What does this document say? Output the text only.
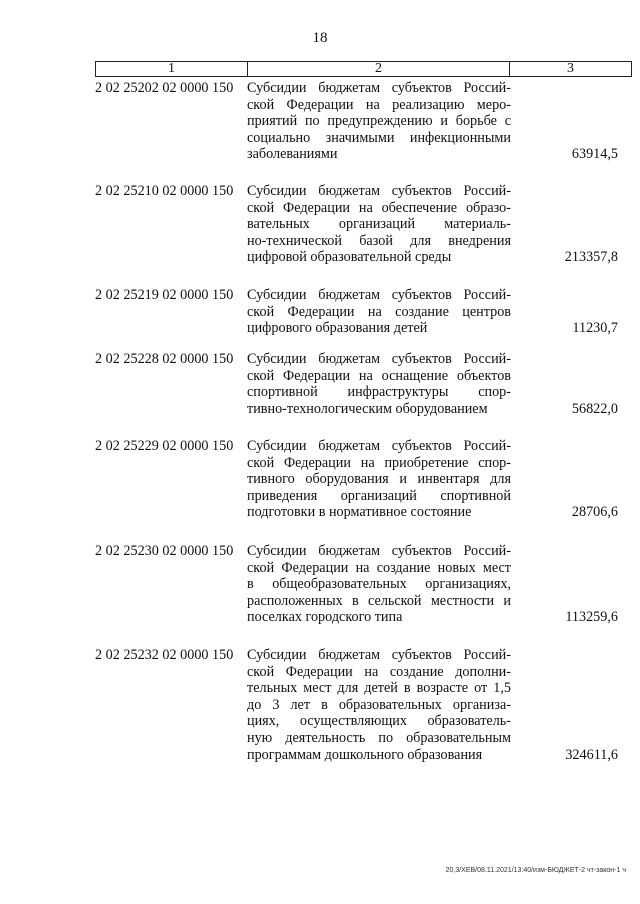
18
1	2	3
2 02 25202 02 0000 150 Субсидии бюджетам субъектов Россий-
ской Федерации на реализацию меро-
приятий по предупреждению и борьбе с
социально значимыми инфекционными
заболеваниями	63914,5
2 02 25210 02 0000 150 Субсидии бюджетам субъектов Россий-
ской Федерации на обеспечение образо-
вательных организаций материаль-
но-технической базой для внедрения
цифровой образовательной среды	213357,8
2 02 25219 02 0000 150 Субсидии бюджетам субъектов Россий-
ской Федерации на создание центров
цифрового образования детей	11230,7
2 02 25228 02 0000 150 Субсидии бюджетам субъектов Россий-
ской Федерации на оснащение объектов
спортивной инфраструктуры спор-
тивно-технологическим оборудованием	56822,0
2 02 25229 02 0000 150 Субсидии бюджетам субъектов Россий-
ской Федерации на приобретение спор-
тивного оборудования и инвентаря для
приведения организаций спортивной
подготовки в нормативное состояние	28706,6
2 02 25230 02 0000 150 Субсидии бюджетам субъектов Россий-
ской Федерации на создание новых мест
в общеобразовательных организациях,
расположенных в сельской местности и
поселках городского типа	113259,6
2 02 25232 02 0000 150 Субсидии бюджетам субъектов Россий-
ской Федерации на создание дополни-
тельных мест для детей в возрасте от 1,5
до 3 лет в образовательных организа-
циях, осуществляющих образователь-
ную деятельность по образовательным
программам дошкольного образования	324611,6
20,3/ХЕВ/08.11.2021/13:40/изм-БЮДЖЕТ-2 чт-закон-1 ч
